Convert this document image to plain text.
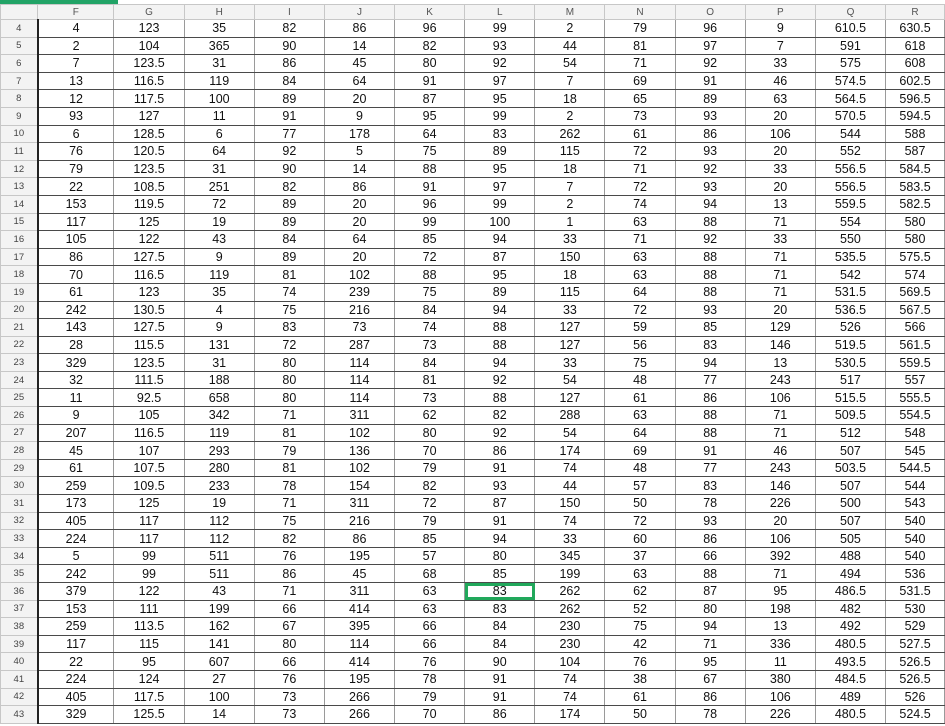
	F	G	H	I	J	K	L	M	N	O	P	Q	R
4	4	123	35	82	86	96	99	2	79	96	9	610.5	630.5
5	2	104	365	90	14	82	93	44	81	97	7	591	618
6	7	123.5	31	86	45	80	92	54	71	92	33	575	608
7	13	116.5	119	84	64	91	97	7	69	91	46	574.5	602.5
8	12	117.5	100	89	20	87	95	18	65	89	63	564.5	596.5
9	93	127	11	91	9	95	99	2	73	93	20	570.5	594.5
10	6	128.5	6	77	178	64	83	262	61	86	106	544	588
11	76	120.5	64	92	5	75	89	115	72	93	20	552	587
12	79	123.5	31	90	14	88	95	18	71	92	33	556.5	584.5
13	22	108.5	251	82	86	91	97	7	72	93	20	556.5	583.5
14	153	119.5	72	89	20	96	99	2	74	94	13	559.5	582.5
15	117	125	19	89	20	99	100	1	63	88	71	554	580
16	105	122	43	84	64	85	94	33	71	92	33	550	580
17	86	127.5	9	89	20	72	87	150	63	88	71	535.5	575.5
18	70	116.5	119	81	102	88	95	18	63	88	71	542	574
19	61	123	35	74	239	75	89	115	64	88	71	531.5	569.5
20	242	130.5	4	75	216	84	94	33	72	93	20	536.5	567.5
21	143	127.5	9	83	73	74	88	127	59	85	129	526	566
22	28	115.5	131	72	287	73	88	127	56	83	146	519.5	561.5
23	329	123.5	31	80	114	84	94	33	75	94	13	530.5	559.5
24	32	111.5	188	80	114	81	92	54	48	77	243	517	557
25	11	92.5	658	80	114	73	88	127	61	86	106	515.5	555.5
26	9	105	342	71	311	62	82	288	63	88	71	509.5	554.5
27	207	116.5	119	81	102	80	92	54	64	88	71	512	548
28	45	107	293	79	136	70	86	174	69	91	46	507	545
29	61	107.5	280	81	102	79	91	74	48	77	243	503.5	544.5
30	259	109.5	233	78	154	82	93	44	57	83	146	507	544
31	173	125	19	71	311	72	87	150	50	78	226	500	543
32	405	117	112	75	216	79	91	74	72	93	20	507	540
33	224	117	112	82	86	85	94	33	60	86	106	505	540
34	5	99	511	76	195	57	80	345	37	66	392	488	540
35	242	99	511	86	45	68	85	199	63	88	71	494	536
36	379	122	43	71	311	63	83	262	62	87	95	486.5	531.5
37	153	111	199	66	414	63	83	262	52	80	198	482	530
38	259	113.5	162	67	395	66	84	230	75	94	13	492	529
39	117	115	141	80	114	66	84	230	42	71	336	480.5	527.5
40	22	95	607	66	414	76	90	104	76	95	11	493.5	526.5
41	224	124	27	76	195	78	91	74	38	67	380	484.5	526.5
42	405	117.5	100	73	266	79	91	74	61	86	106	489	526
43	329	125.5	14	73	266	70	86	174	50	78	226	480.5	524.5
